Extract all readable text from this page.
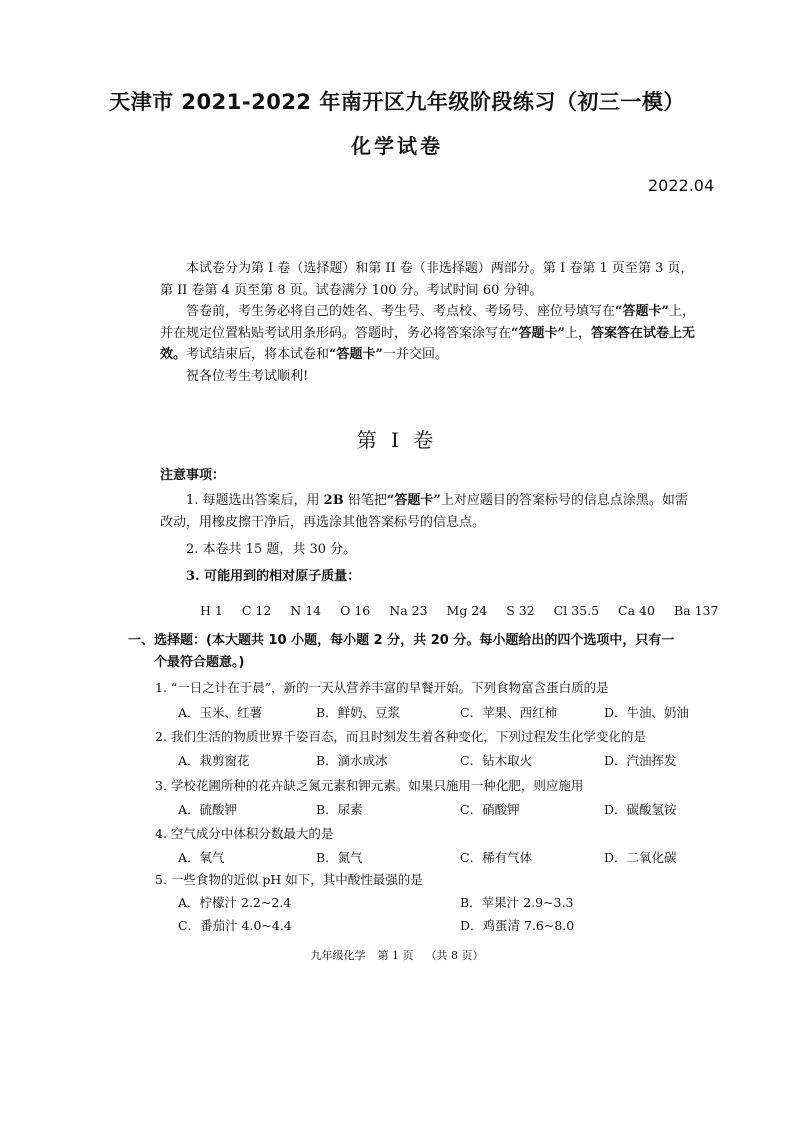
天津市 2021-2022 年南开区九年级阶段练习（初三一模）
化学试卷
2022.04

本试卷分为第 I 卷（选择题）和第 II 卷（非选择题）两部分。第 I 卷第 1 页至第 3 页，第 II 卷第 4 页至第 8 页。试卷满分 100 分。考试时间 60 分钟。

答卷前，考生务必将自己的姓名、考生号、考点校、考场号、座位号填写在“答题卡”上，并在规定位置粘贴考试用条形码。答题时，务必将答案涂写在“答题卡”上，答案答在试卷上无效。考试结束后，将本试卷和“答题卡”一并交回。

祝各位考生考试顺利!

第 I 卷
注意事项：

1. 每题选出答案后，用 2B 铅笔把“答题卡”上对应题目的答案标号的信息点涂黑。如需改动，用橡皮擦干净后，再选涂其他答案标号的信息点。

2. 本卷共 15 题，共 30 分。

3. 可能用到的相对原子质量：

H 1 C 12 N 14 O 16 Na 23 Mg 24 S 32 Cl 35.5 Ca 40 Ba 137
一、选择题：(本大题共 10 小题，每小题 2 分，共 20 分。每小题给出的四个选项中，只有一
个最符合题意。)
1. “一日之计在于晨”，新的一天从营养丰富的早餐开始。下列食物富含蛋白质的是
A．玉米、红薯	B．鲜奶、豆浆	C．苹果、西红柿	D．牛油、奶油
2. 我们生活的物质世界千姿百态，而且时刻发生着各种变化，下列过程发生化学变化的是
A．栽剪窗花	B．滴水成冰	C．钻木取火	D．汽油挥发
3. 学校花圃所种的花卉缺乏氮元素和钾元素。如果只施用一种化肥，则应施用
A．硫酸钾	B．尿素	C．硝酸钾	D．碳酸氢铵
4. 空气成分中体积分数最大的是
A．氧气	B．氮气	C．稀有气体	D．二氧化碳
5. 一些食物的近似 pH 如下，其中酸性最强的是
A．柠檬汁 2.2~2.4	B．苹果汁 2.9~3.3
C．番茄汁 4.0~4.4	D．鸡蛋清 7.6~8.0
九年级化学 第 1 页 （共 8 页）
